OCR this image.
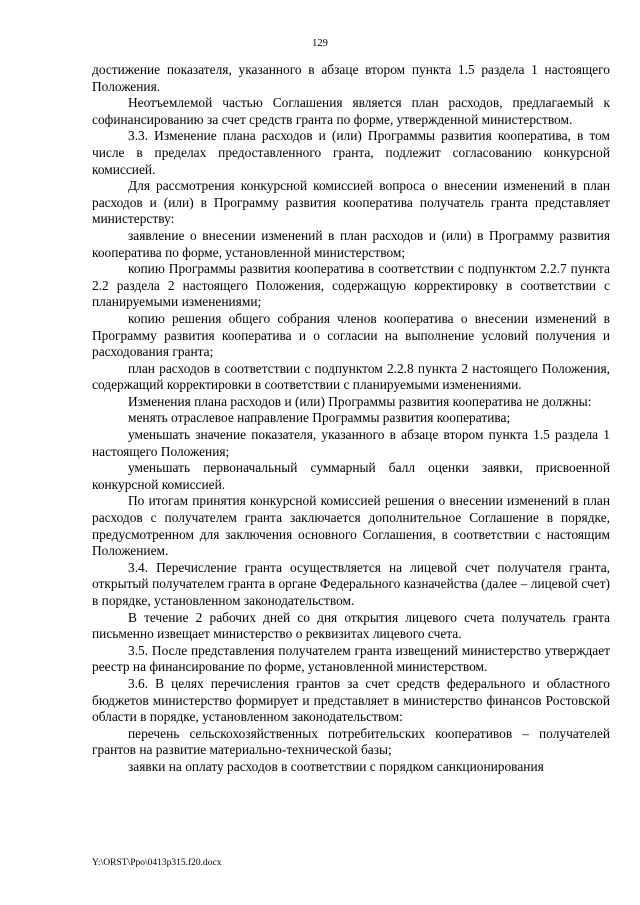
129

достижение показателя, указанного в абзаце втором пункта 1.5 раздела 1 настоящего Положения.

Неотъемлемой частью Соглашения является план расходов, предлагаемый к софинансированию за счет средств гранта по форме, утвержденной министерством.

3.3. Изменение плана расходов и (или) Программы развития кооператива, в том числе в пределах предоставленного гранта, подлежит согласованию конкурсной комиссией.

Для рассмотрения конкурсной комиссией вопроса о внесении изменений в план расходов и (или) в Программу развития кооператива получатель гранта представляет министерству:

заявление о внесении изменений в план расходов и (или) в Программу развития кооператива по форме, установленной министерством;

копию Программы развития кооператива в соответствии с подпунктом 2.2.7 пункта 2.2 раздела 2 настоящего Положения, содержащую корректировку в соответствии с планируемыми изменениями;

копию решения общего собрания членов кооператива о внесении изменений в Программу развития кооператива и о согласии на выполнение условий получения и расходования гранта;

план расходов в соответствии с подпунктом 2.2.8 пункта 2 настоящего Положения, содержащий корректировки в соответствии с планируемыми изменениями.

Изменения плана расходов и (или) Программы развития кооператива не должны:

менять отраслевое направление Программы развития кооператива;

уменьшать значение показателя, указанного в абзаце втором пункта 1.5 раздела 1 настоящего Положения;

уменьшать первоначальный суммарный балл оценки заявки, присвоенной конкурсной комиссией.

По итогам принятия конкурсной комиссией решения о внесении изменений в план расходов с получателем гранта заключается дополнительное Соглашение в порядке, предусмотренном для заключения основного Соглашения, в соответствии с настоящим Положением.

3.4. Перечисление гранта осуществляется на лицевой счет получателя гранта, открытый получателем гранта в органе Федерального казначейства (далее – лицевой счет) в порядке, установленном законодательством.

В течение 2 рабочих дней со дня открытия лицевого счета получатель гранта письменно извещает министерство о реквизитах лицевого счета.

3.5. После представления получателем гранта извещений министерство утверждает реестр на финансирование по форме, установленной министерством.

3.6. В целях перечисления грантов за счет средств федерального и областного бюджетов министерство формирует и представляет в министерство финансов Ростовской области в порядке, установленном законодательством:

перечень сельскохозяйственных потребительских кооперативов – получателей грантов на развитие материально-технической базы;

заявки на оплату расходов в соответствии с порядком санкционирования

Y:\ORST\Ppo\0413p315.f20.docx
